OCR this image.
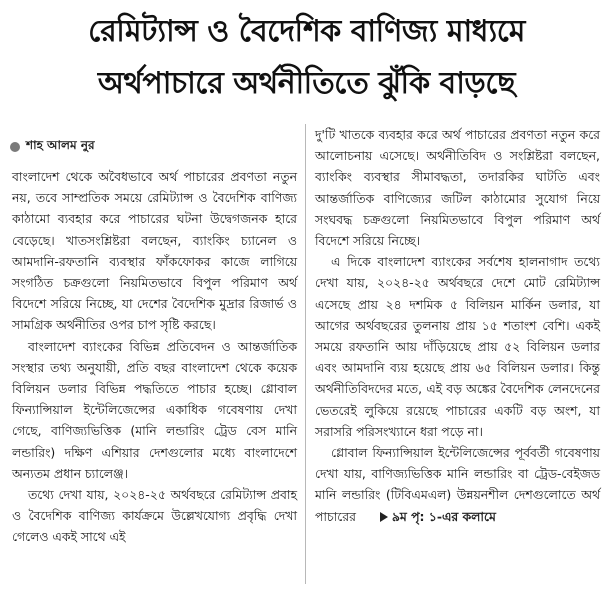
রেমিট্যান্স ও বৈদেশিক বাণিজ্য মাধ্যমে
অর্থপাচারে অর্থনীতিতে ঝুঁকি বাড়ছে
শাহ আলম নুর

বাংলাদেশ থেকে অবৈধভাবে অর্থ পাচারের প্রবণতা নতুন নয়, তবে সাম্প্রতিক সময়ে রেমিট্যান্স ও বৈদেশিক বাণিজ্য কাঠামো ব্যবহার করে পাচারের ঘটনা উদ্বেগজনক হারে বেড়েছে। খাতসংশ্লিষ্টরা বলছেন, ব্যাংকিং চ্যানেল ও আমদানি-রফতানি ব্যবস্থার ফাঁকফোকর কাজে লাগিয়ে সংগঠিত চক্রগুলো নিয়মিতভাবে বিপুল পরিমাণ অর্থ বিদেশে সরিয়ে নিচ্ছে, যা দেশের বৈদেশিক মুদ্রার রিজার্ভ ও সামগ্রিক অর্থনীতির ওপর চাপ সৃষ্টি করছে।

বাংলাদেশ ব্যাংকের বিভিন্ন প্রতিবেদন ও আন্তর্জাতিক সংস্থার তথ্য অনুযায়ী, প্রতি বছর বাংলাদেশ থেকে কয়েক বিলিয়ন ডলার বিভিন্ন পদ্ধতিতে পাচার হচ্ছে। গ্লোবাল ফিন্যান্সিয়াল ইন্টেলিজেন্সের একাধিক গবেষণায় দেখা গেছে, বাণিজ্যভিত্তিক (মানি লন্ডারিং ট্রেড বেস মানি লন্ডারিং) দক্ষিণ এশিয়ার দেশগুলোর মধ্যে বাংলাদেশে অন্যতম প্রধান চ্যালেঞ্জ।

তথ্যে দেখা যায়, ২০২৪-২৫ অর্থবছরে রেমিট্যান্স প্রবাহ ও বৈদেশিক বাণিজ্য কার্যক্রমে উল্লেখযোগ্য প্রবৃদ্ধি দেখা গেলেও একই সাথে এই

দু'টি খাতকে ব্যবহার করে অর্থ পাচারের প্রবণতা নতুন করে আলোচনায় এসেছে। অর্থনীতিবিদ ও সংশ্লিষ্টরা বলছেন, ব্যাংকিং ব্যবস্থার সীমাবদ্ধতা, তদারকির ঘাটতি এবং আন্তর্জাতিক বাণিজ্যের জটিল কাঠামোর সুযোগ নিয়ে সংঘবদ্ধ চক্রগুলো নিয়মিতভাবে বিপুল পরিমাণ অর্থ বিদেশে সরিয়ে নিচ্ছে।

এ দিকে বাংলাদেশ ব্যাংকের সর্বশেষ হালনাগাদ তথ্যে দেখা যায়, ২০২৪-২৫ অর্থবছরে দেশে মোট রেমিট্যান্স এসেছে প্রায় ২৪ দশমিক ৫ বিলিয়ন মার্কিন ডলার, যা আগের অর্থবছরের তুলনায় প্রায় ১৫ শতাংশ বেশি। একই সময়ে রফতানি আয় দাঁড়িয়েছে প্রায় ৫২ বিলিয়ন ডলার এবং আমদানি ব্যয় হয়েছে প্রায় ৬৫ বিলিয়ন ডলার। কিন্তু অর্থনীতিবিদদের মতে, এই বড় অঙ্কের বৈদেশিক লেনদেনের ভেতরেই লুকিয়ে রয়েছে পাচারের একটি বড় অংশ, যা সরাসরি পরিসংখ্যানে ধরা পড়ে না।

গ্লোবাল ফিন্যান্সিয়াল ইন্টেলিজেন্সের পূর্ববর্তী গবেষণায় দেখা যায়, বাণিজ্যভিত্তিক মানি লন্ডারিং বা ট্রেড-বেইজড মানি লন্ডারিং (টিবিএমএল) উন্নয়নশীল দেশগুলোতে অর্থ পাচারের	৯ম পৃ: ১-এর কলামে
